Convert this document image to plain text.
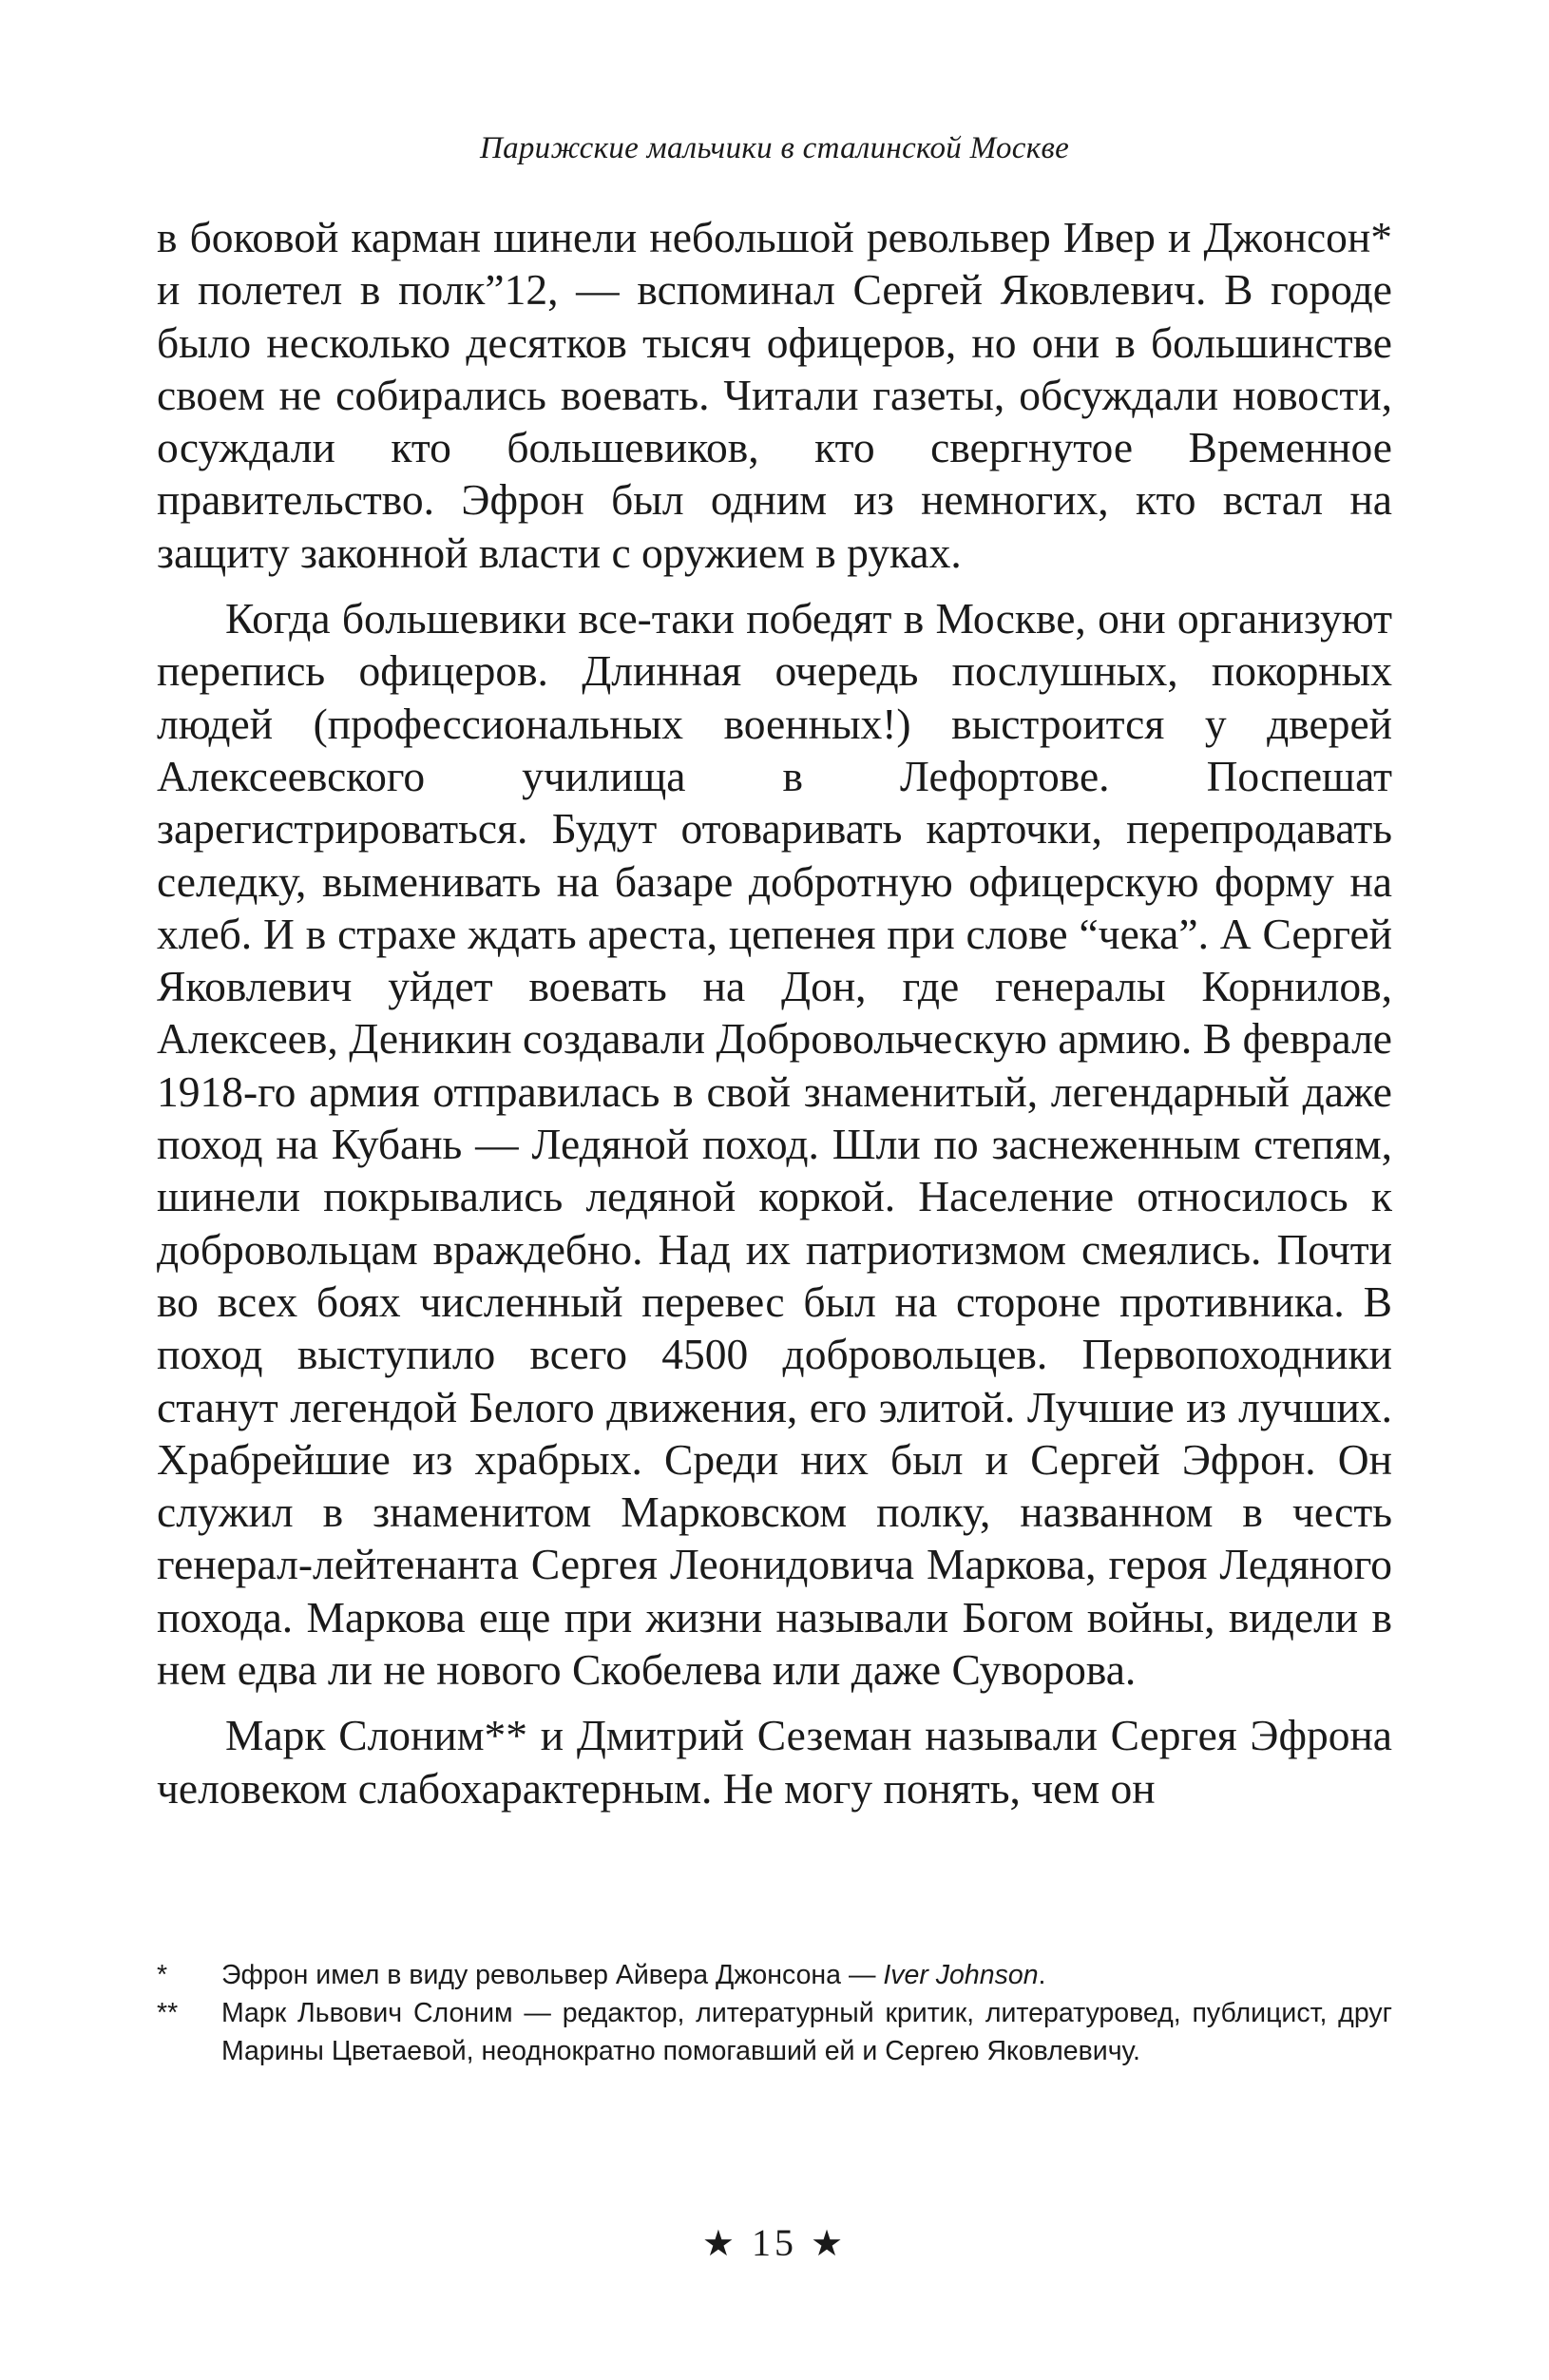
Парижские мальчики в сталинской Москве

в боковой карман шинели небольшой револьвер Ивер и Джонсон* и полетел в полк”12, — вспоминал Сергей Яковлевич. В городе было несколько десятков тысяч офицеров, но они в большинстве своем не собирались воевать. Читали газеты, обсуждали новости, осуждали кто большевиков, кто свергнутое Временное правительство. Эфрон был одним из немногих, кто встал на защиту законной власти с оружием в руках.

Когда большевики все-таки победят в Москве, они организуют перепись офицеров. Длинная очередь послушных, покорных людей (профессиональных военных!) выстроится у дверей Алексеевского училища в Лефортове. Поспешат зарегистрироваться. Будут отоваривать карточки, перепродавать селедку, выменивать на базаре добротную офицерскую форму на хлеб. И в страхе ждать ареста, цепенея при слове “чека”. А Сергей Яковлевич уйдет воевать на Дон, где генералы Корнилов, Алексеев, Деникин создавали Добровольческую армию. В феврале 1918-го армия отправилась в свой знаменитый, легендарный даже поход на Кубань — Ледяной поход. Шли по заснеженным степям, шинели покрывались ледяной коркой. Население относилось к добровольцам враждебно. Над их патриотизмом смеялись. Почти во всех боях численный перевес был на стороне противника. В поход выступило всего 4500 добровольцев. Первопоходники станут легендой Белого движения, его элитой. Лучшие из лучших. Храбрейшие из храбрых. Среди них был и Сергей Эфрон. Он служил в знаменитом Марковском полку, названном в честь генерал-лейтенанта Сергея Леонидовича Маркова, героя Ледяного похода. Маркова еще при жизни называли Богом войны, видели в нем едва ли не нового Скобелева или даже Суворова.

Марк Слоним** и Дмитрий Сеземан называли Сергея Эфрона человеком слабохарактерным. Не могу понять, чем он

*	Эфрон имел в виду револьвер Айвера Джонсона — Iver Johnson.
**	Марк Львович Слоним — редактор, литературный критик, литературовед, публицист, друг Марины Цветаевой, неоднократно помогавший ей и Сергею Яковлевичу.
★ 15 ★
